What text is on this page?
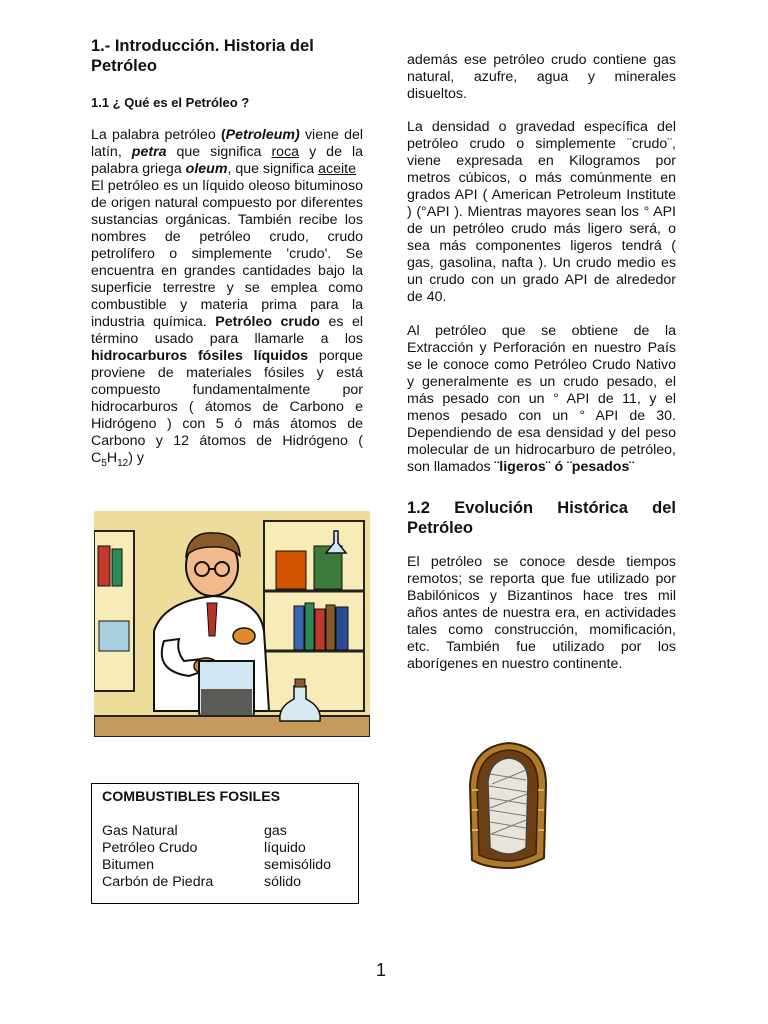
1.- Introducción. Historia del Petróleo
1.1 ¿ Qué es el Petróleo ?

La palabra petróleo (Petroleum) viene del latín, petra que significa roca y de la palabra griega oleum, que significa aceite

El petróleo es un líquido oleoso bituminoso de origen natural compuesto por diferentes sustancias orgánicas. También recibe los nombres de petróleo crudo, crudo petrolífero o simplemente 'crudo'. Se encuentra en grandes cantidades bajo la superficie terrestre y se emplea como combustible y materia prima para la industria química. Petróleo crudo es el término usado para llamarle a los hidrocarburos fósiles líquidos porque proviene de materiales fósiles y está compuesto fundamentalmente por hidrocarburos ( átomos de Carbono e Hidrógeno ) con 5 ó más átomos de Carbono y 12 átomos de Hidrógeno ( $C_5H_{12}$) y

COMBUSTIBLES FOSILES
Gas Natural	gas
Petróleo Crudo	líquido
Bitumen	semisólido
Carbón de Piedra	sólido

además ese petróleo crudo contiene gas natural, azufre, agua y minerales disueltos.

La densidad o gravedad específica del petróleo crudo o simplemente ¨crudo¨, viene expresada en Kilogramos por metros cúbicos, o más comúnmente en grados API ( American Petroleum Institute ) (°API ). Mientras mayores sean los ° API de un petróleo crudo más ligero será, o sea más componentes ligeros tendrá ( gas, gasolina, nafta ). Un crudo medio es un crudo con un grado API de alrededor de 40.

Al petróleo que se obtiene de la Extracción y Perforación en nuestro País se le conoce como Petróleo Crudo Nativo y generalmente es un crudo pesado, el más pesado con un ° API de 11, y el menos pesado con un ° API de 30. Dependiendo de esa densidad y del peso molecular de un hidrocarburo de petróleo, son llamados ¨ligeros¨ ó ¨pesados¨

1.2 Evolución Histórica del Petróleo

El petróleo se conoce desde tiempos remotos; se reporta que fue utilizado por Babilónicos y Bizantinos hace tres mil años antes de nuestra era, en actividades tales como construcción, momificación, etc. También fue utilizado por los aborígenes en nuestro continente.

1
